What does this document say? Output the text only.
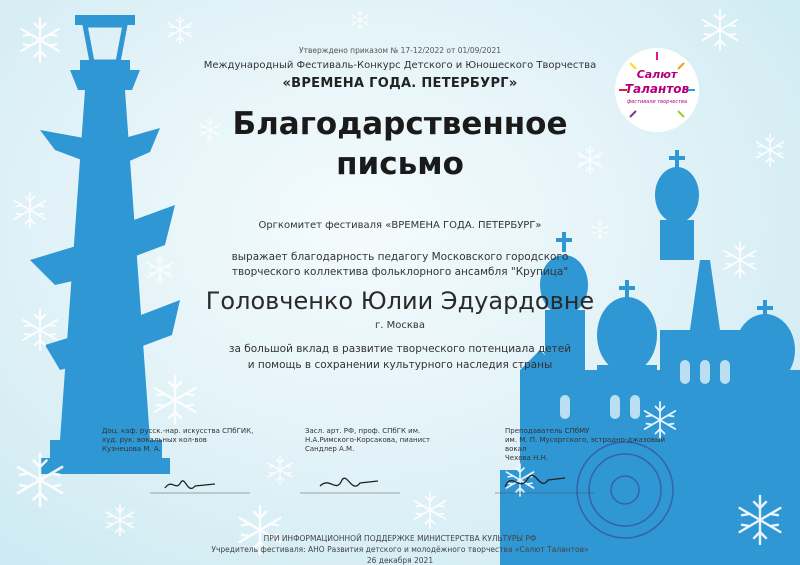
Салют
Талантов
фестивали творчества
Утверждено приказом № 17-12/2022 от 01/09/2021
Международный Фестиваль-Конкурс Детского и Юношеского Творчества
«ВРЕМЕНА ГОДА. ПЕТЕРБУРГ»
Благодарственное
письмо
Оргкомитет фестиваля «ВРЕМЕНА ГОДА. ПЕТЕРБУРГ»
выражает благодарность педагогу Московского городского
творческого коллектива фольклорного ансамбля "Крупица"
Головченко Юлии Эдуардовне
г. Москва
за большой вклад в развитие творческого потенциала детей
и помощь в сохранении культурного наследия страны
Доц. каф. русск.-нар. искусства СПбГИК,
худ. рук. вокальных кол-вов
Кузнецова М. А.
Засл. арт. РФ, проф. СПбГК им.
Н.А.Римского-Корсакова, пианист
Сандлер А.М.
Преподаватель СПбМУ
им. М. П. Мусоргского, эстрадно-джазовый
вокал
Чехова Н.Н.
ПРИ ИНФОРМАЦИОННОЙ ПОДДЕРЖКЕ МИНИСТЕРСТВА КУЛЬТУРЫ РФ
Учредитель фестиваля: АНО Развития детского и молодёжного творчества «Салют Талантов»
26 декабря 2021
